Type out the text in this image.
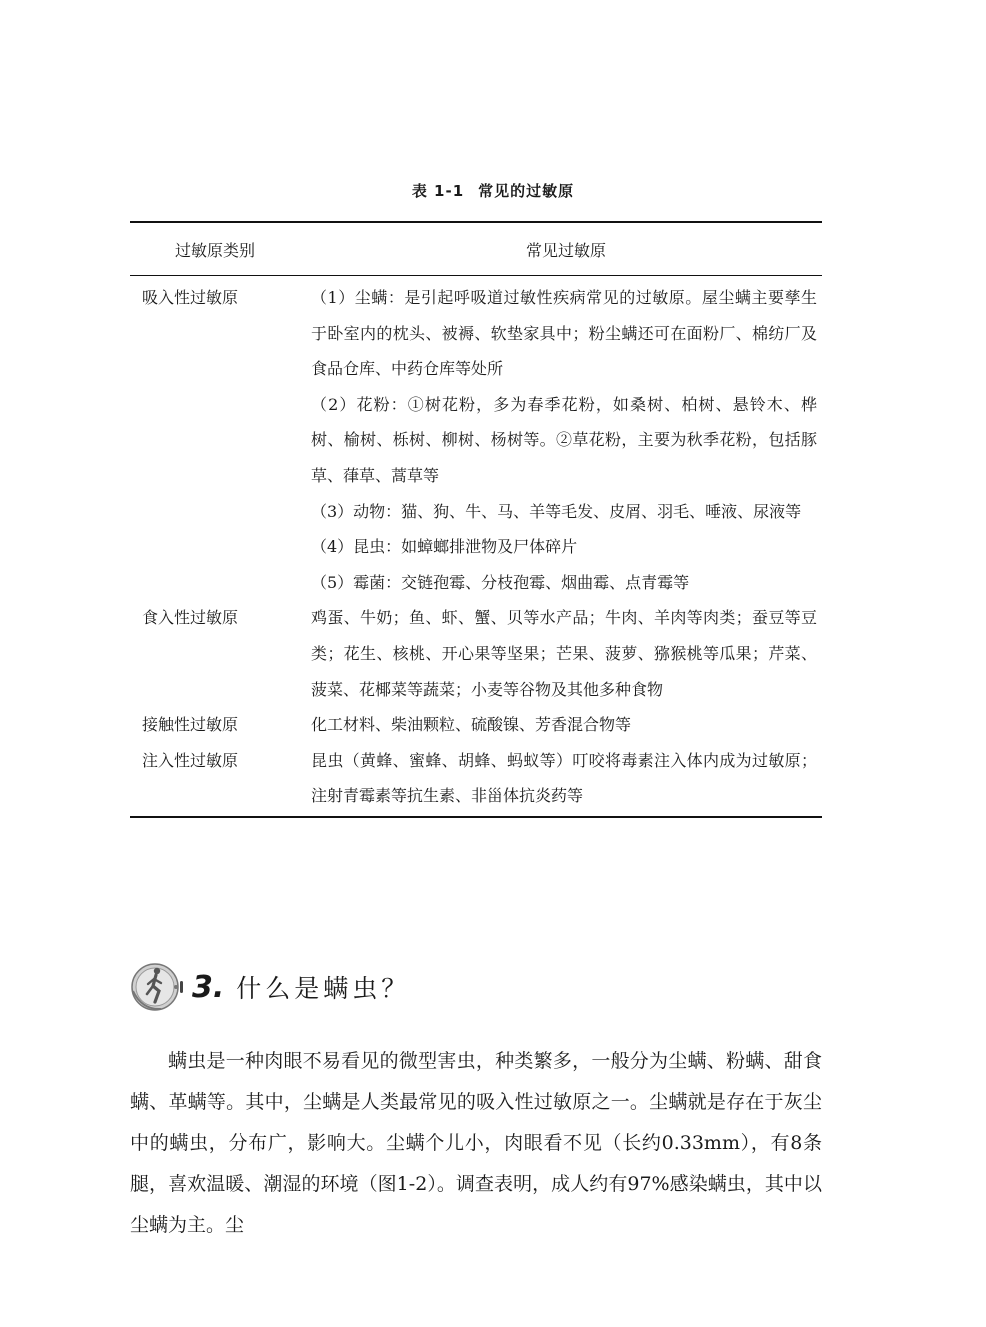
表 1-1 常见的过敏原
过敏原类别	常见过敏原
吸入性过敏原	（1）尘螨：是引起呼吸道过敏性疾病常见的过敏原。屋尘螨主要孳生于卧室内的枕头、被褥、软垫家具中；粉尘螨还可在面粉厂、棉纺厂及食品仓库、中药仓库等处所
（2）花粉：①树花粉，多为春季花粉，如桑树、柏树、悬铃木、桦树、榆树、栎树、柳树、杨树等。②草花粉，主要为秋季花粉，包括豚草、葎草、蒿草等
（3）动物：猫、狗、牛、马、羊等毛发、皮屑、羽毛、唾液、尿液等
（4）昆虫：如蟑螂排泄物及尸体碎片
（5）霉菌：交链孢霉、分枝孢霉、烟曲霉、点青霉等
食入性过敏原	鸡蛋、牛奶；鱼、虾、蟹、贝等水产品；牛肉、羊肉等肉类；蚕豆等豆类；花生、核桃、开心果等坚果；芒果、菠萝、猕猴桃等瓜果；芹菜、菠菜、花椰菜等蔬菜；小麦等谷物及其他多种食物
接触性过敏原	化工材料、柴油颗粒、硫酸镍、芳香混合物等
注入性过敏原	昆虫（黄蜂、蜜蜂、胡蜂、蚂蚁等）叮咬将毒素注入体内成为过敏原；注射青霉素等抗生素、非甾体抗炎药等
3. 什么是螨虫？

螨虫是一种肉眼不易看见的微型害虫，种类繁多，一般分为尘螨、粉螨、甜食螨、革螨等。其中，尘螨是人类最常见的吸入性过敏原之一。尘螨就是存在于灰尘中的螨虫，分布广，影响大。尘螨个儿小，肉眼看不见（长约0.33mm），有8条腿，喜欢温暖、潮湿的环境（图1-2）。调查表明，成人约有97%感染螨虫，其中以尘螨为主。尘
